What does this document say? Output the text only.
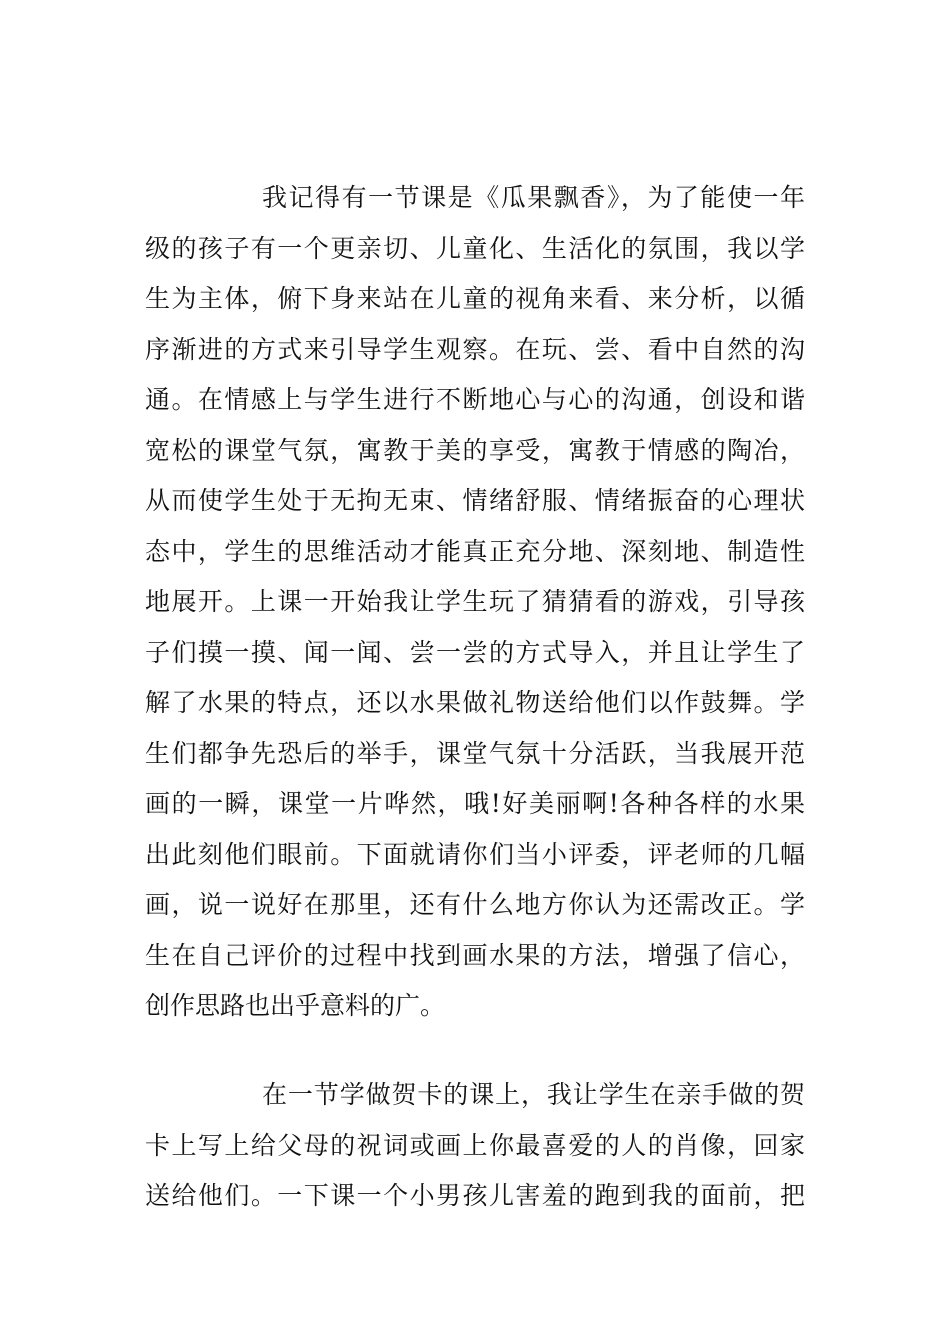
我记得有一节课是《瓜果飘香》，为了能使一年
级的孩子有一个更亲切、儿童化、生活化的氛围，我以学
生为主体，俯下身来站在儿童的视角来看、来分析，以循
序渐进的方式来引导学生观察。在玩、尝、看中自然的沟
通。在情感上与学生进行不断地心与心的沟通，创设和谐
宽松的课堂气氛，寓教于美的享受，寓教于情感的陶冶，
从而使学生处于无拘无束、情绪舒服、情绪振奋的心理状
态中，学生的思维活动才能真正充分地、深刻地、制造性
地展开。上课一开始我让学生玩了猜猜看的游戏，引导孩
子们摸一摸、闻一闻、尝一尝的方式导入，并且让学生了
解了水果的特点，还以水果做礼物送给他们以作鼓舞。学
生们都争先恐后的举手，课堂气氛十分活跃，当我展开范
画的一瞬，课堂一片哗然，哦!好美丽啊!各种各样的水果
出此刻他们眼前。下面就请你们当小评委，评老师的几幅
画，说一说好在那里，还有什么地方你认为还需改正。学
生在自己评价的过程中找到画水果的方法，增强了信心，
创作思路也出乎意料的广。
在一节学做贺卡的课上，我让学生在亲手做的贺
卡上写上给父母的祝词或画上你最喜爱的人的肖像，回家
送给他们。一下课一个小男孩儿害羞的跑到我的面前，把
